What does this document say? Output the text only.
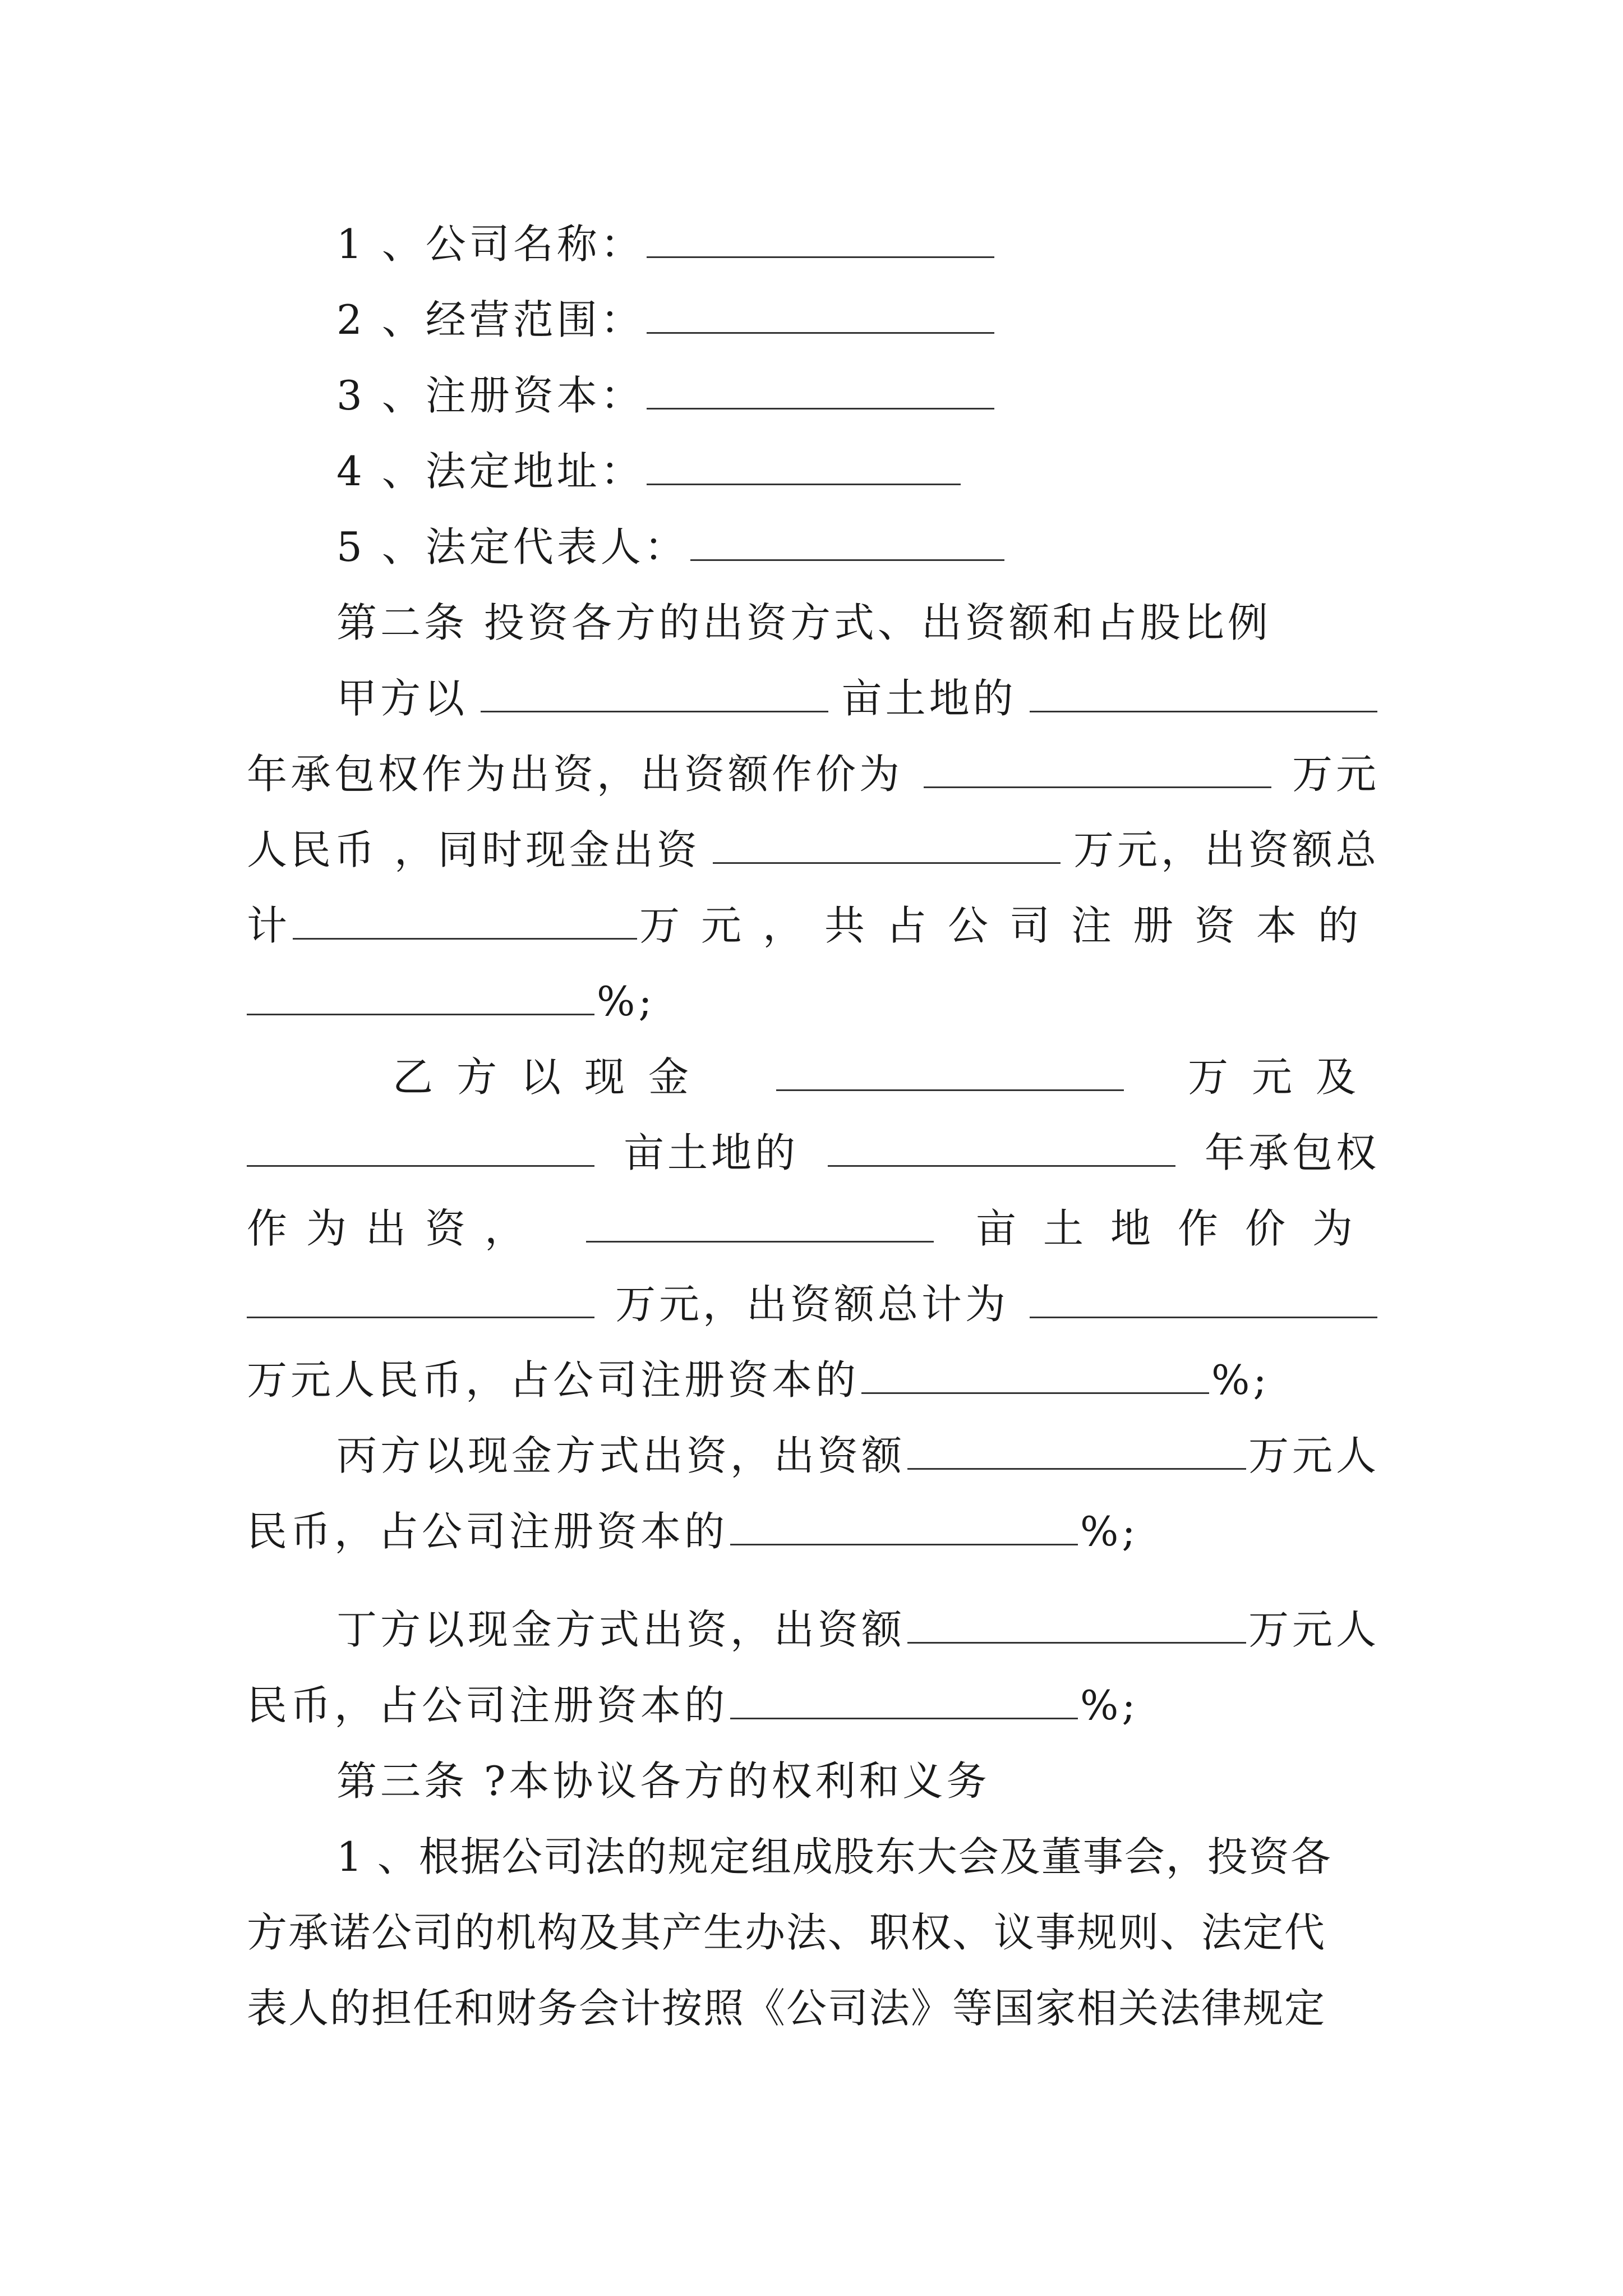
1 、公司名称：
2 、经营范围：
3 、注册资本：
4 、法定地址：
5 、法定代表人：
第二条 投资各方的出资方式、出资额和占股比例
甲方以	亩土地的
年承包权作为出资，出资额作价为	万元
人民币 ，同时现金出资	万元，出资额总
计	万元，共占公司注册资本的
%;
乙方以现金	万元及
亩土地的	年承包权
作为出资，	亩土地作价为
万元，出资额总计为
万元人民币，占公司注册资本的	%;
丙方以现金方式出资，出资额	万元人
民币，占公司注册资本的	%;
丁方以现金方式出资，出资额	万元人
民币，占公司注册资本的	%;
第三条 ?本协议各方的权利和义务
1 、根据公司法的规定组成股东大会及董事会，投资各
方承诺公司的机构及其产生办法、职权、议事规则、法定代
表人的担任和财务会计按照《公司法》等国家相关法律规定
